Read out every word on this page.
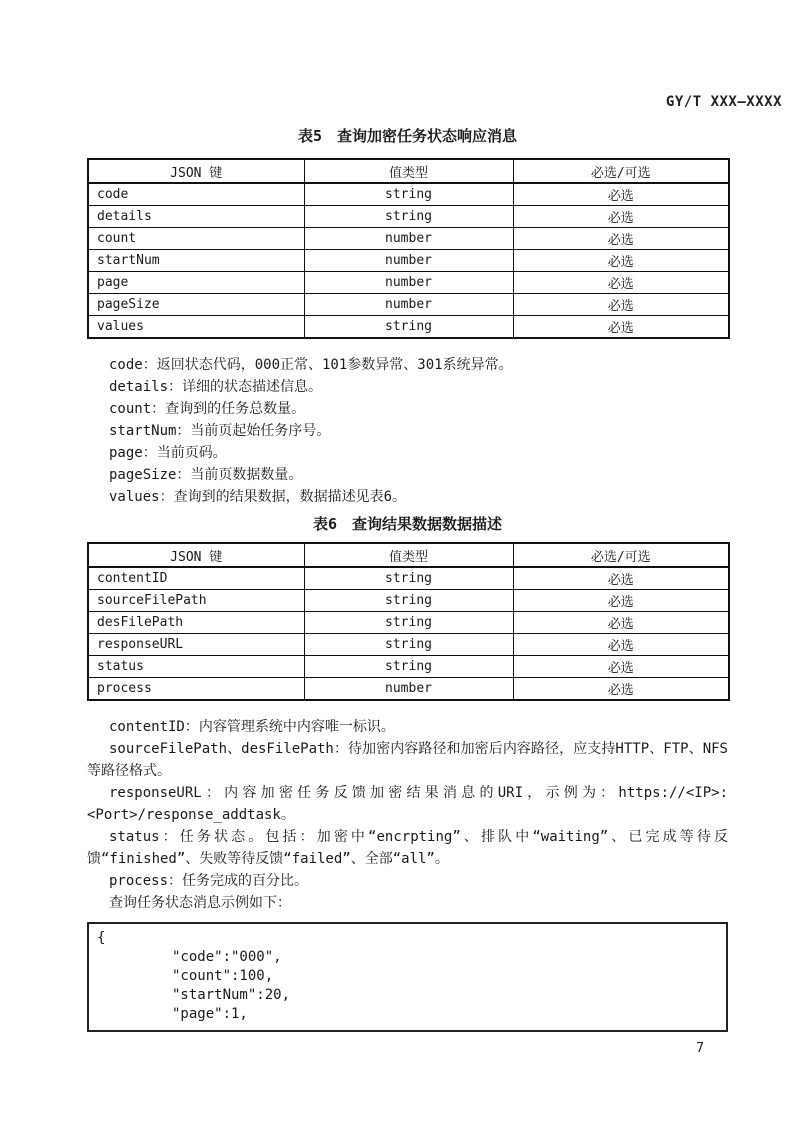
GY/T XXX—XXXX
表5　查询加密任务状态响应消息
JSON 键	值类型	必选/可选
code	string	必选
details	string	必选
count	number	必选
startNum	number	必选
page	number	必选
pageSize	number	必选
values	string	必选

code：返回状态代码，000正常、101参数异常、301系统异常。

details：详细的状态描述信息。

count：查询到的任务总数量。

startNum：当前页起始任务序号。

page：当前页码。

pageSize：当前页数据数量。

values：查询到的结果数据，数据描述见表6。

表6　查询结果数据数据描述
JSON 键	值类型	必选/可选
contentID	string	必选
sourceFilePath	string	必选
desFilePath	string	必选
responseURL	string	必选
status	string	必选
process	number	必选

contentID：内容管理系统中内容唯一标识。

sourceFilePath、desFilePath：待加密内容路径和加密后内容路径，应支持HTTP、FTP、NFS等路径格式。

responseURL：内容加密任务反馈加密结果消息的URI，示例为：https://<IP>:<Port>/response_addtask。

status：任务状态。包括：加密中“encrpting”、排队中“waiting”、已完成等待反馈“finished”、失败等待反馈“failed”、全部“all”。

process：任务完成的百分比。

查询任务状态消息示例如下：

{
"code":"000",
"count":100,
"startNum":20,
"page":1,
7
